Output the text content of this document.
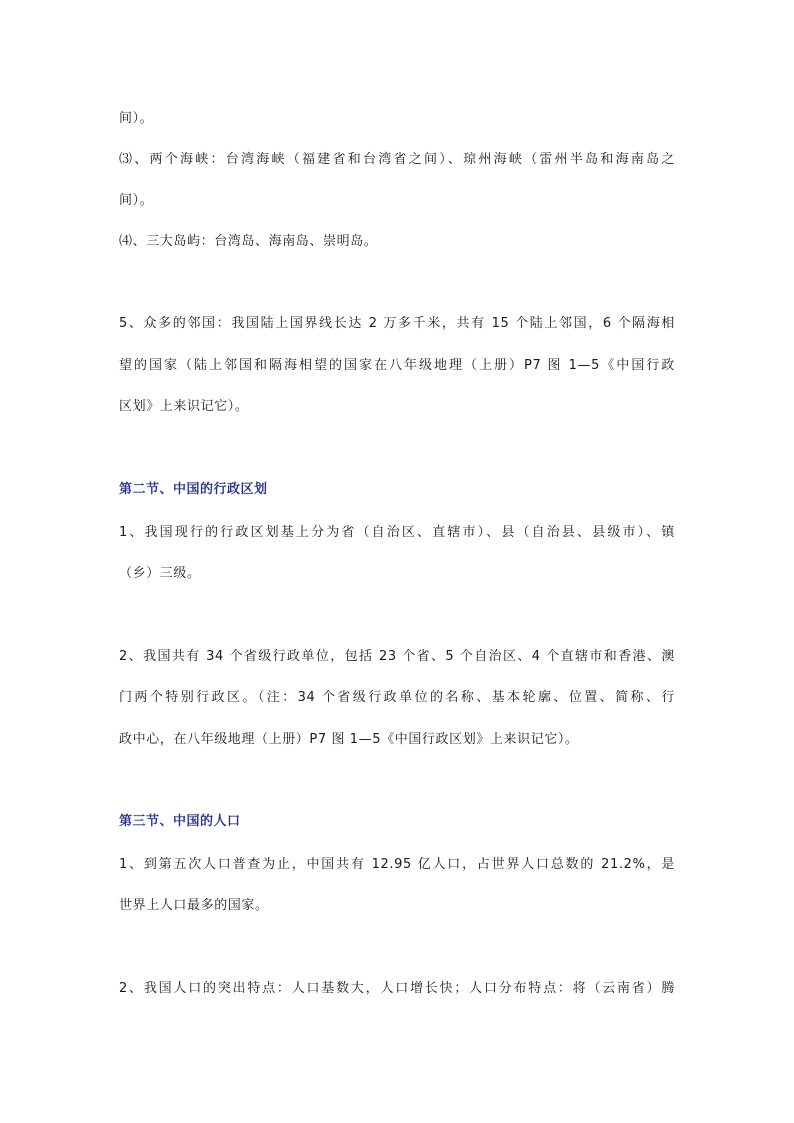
间）。
⑶、两个海峡：台湾海峡（福建省和台湾省之间）、琼州海峡（雷州半岛和海南岛之
间）。
⑷、三大岛屿：台湾岛、海南岛、崇明岛。
5、众多的邻国：我国陆上国界线长达 2 万多千米，共有 15 个陆上邻国，6 个隔海相
望的国家（陆上邻国和隔海相望的国家在八年级地理（上册）P7 图 1—5《中国行政
区划》上来识记它）。
第二节、中国的行政区划
1、我国现行的行政区划基上分为省（自治区、直辖市）、县（自治县、县级市）、镇
（乡）三级。
2、我国共有 34 个省级行政单位，包括 23 个省、5 个自治区、4 个直辖市和香港、澳
门两个特别行政区。（注：34 个省级行政单位的名称、基本轮廓、位置、简称、行
政中心，在八年级地理（上册）P7 图 1—5《中国行政区划》上来识记它）。
第三节、中国的人口
1、到第五次人口普查为止，中国共有 12.95 亿人口，占世界人口总数的 21.2%，是
世界上人口最多的国家。
2、我国人口的突出特点：人口基数大，人口增长快；人口分布特点：将（云南省）腾
